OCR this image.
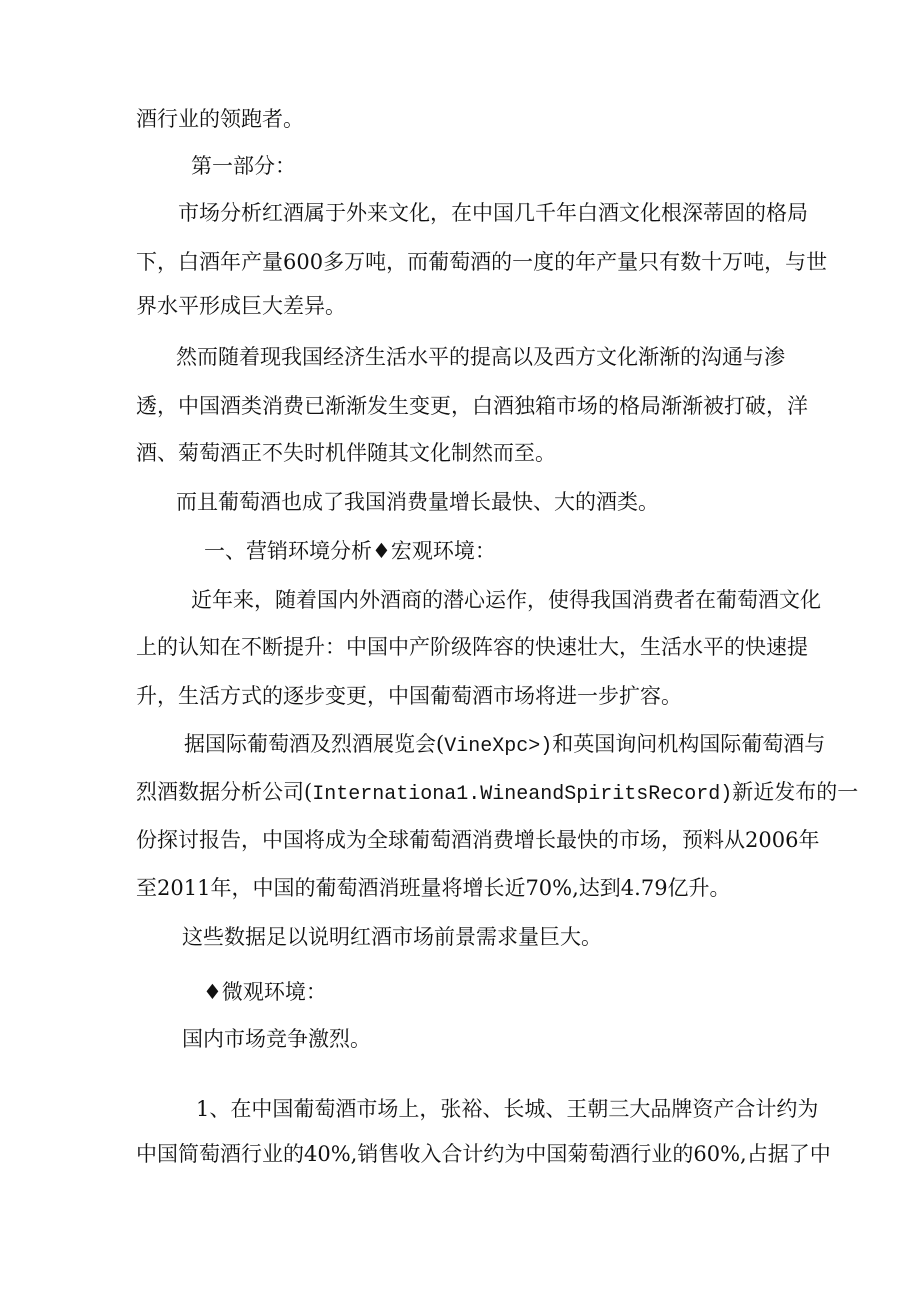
酒行业的领跑者。
第一部分：
市场分析红酒属于外来文化，在中国几千年白酒文化根深蒂固的格局
下，白酒年产量600多万吨，而葡萄酒的一度的年产量只有数十万吨，与世
界水平形成巨大差异。
然而随着现我国经济生活水平的提高以及西方文化渐渐的沟通与渗
透，中国酒类消费已渐渐发生变更，白酒独箱市场的格局渐渐被打破，洋
酒、菊萄酒正不失时机伴随其文化制然而至。
而且葡萄酒也成了我国消费量增长最快、大的酒类。
一、营销环境分析♦宏观环境：
近年来，随着国内外酒商的潜心运作，使得我国消费者在葡萄酒文化
上的认知在不断提升：中国中产阶级阵容的快速壮大，生活水平的快速提
升，生活方式的逐步变更，中国葡萄酒市场将进一步扩容。
据国际葡萄酒及烈酒展览会(VineXpc>)和英国询问机构国际葡萄酒与
烈酒数据分析公司(Internationa1.WineandSpiritsRecord)新近发布的一
份探讨报告，中国将成为全球葡萄酒消费增长最快的市场，预料从2006年
至2011年，中国的葡萄酒消班量将增长近70%,达到4.79亿升。
这些数据足以说明红酒市场前景需求量巨大。
♦微观环境：
国内市场竞争激烈。
1、在中国葡萄酒市场上，张裕、长城、王朝三大品牌资产合计约为
中国简萄酒行业的40%,销售收入合计约为中国菊萄酒行业的60%,占据了中
